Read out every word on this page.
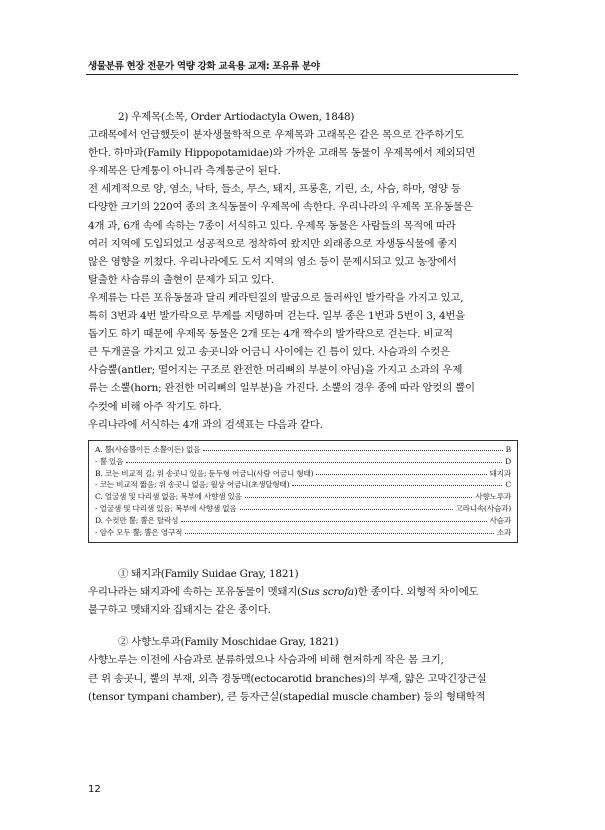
생물분류 현장 전문가 역량 강화 교육용 교재: 포유류 분야

2) 우제목(소목, Order Artiodactyla Owen, 1848)

고래목에서 언급했듯이 분자생물학적으로 우제목과 고래목은 같은 목으로 간주하기도

한다. 하마과(Family Hippopotamidae)와 가까운 고래목 동물이 우제목에서 제외되면

우제목은 단계통이 아니라 측계통군이 된다.

전 세계적으로 양, 염소, 낙타, 들소, 무스, 돼지, 프롱혼, 기린, 소, 사슴, 하마, 영양 등

다양한 크기의 220여 종의 초식동물이 우제목에 속한다. 우리나라의 우제목 포유동물은

4개 과, 6개 속에 속하는 7종이 서식하고 있다. 우제목 동물은 사람들의 목적에 따라

여러 지역에 도입되었고 성공적으로 정착하여 왔지만 외래종으로 자생동식물에 좋지

않은 영향을 끼쳤다. 우리나라에도 도서 지역의 염소 등이 문제시되고 있고 농장에서

탈출한 사슴류의 출현이 문제가 되고 있다.

우제류는 다른 포유동물과 달리 케라틴질의 발굽으로 둘러싸인 발가락을 가지고 있고,

특히 3번과 4번 발가락으로 무게를 지탱하며 걷는다. 일부 종은 1번과 5번이 3, 4번을

돕기도 하기 때문에 우제목 동물은 2개 또는 4개 짝수의 발가락으로 걷는다. 비교적

큰 두개골을 가지고 있고 송곳니와 어금니 사이에는 긴 틈이 있다. 사슴과의 수컷은

사슴뿔(antler; 떨어지는 구조로 완전한 머리뼈의 부분이 아님)을 가지고 소과의 우제

류는 소뿔(horn; 완전한 머리뼈의 일부분)을 가진다. 소뿔의 경우 종에 따라 암컷의 뿔이

수컷에 비해 아주 작기도 하다.

우리나라에 서식하는 4개 과의 검색표는 다음과 같다.

A. 뿔(사슴뿔이든 소뿔이든) 없음	B
- 뿔 있음	D
B. 코는 비교적 길; 위 송곳니 있음; 둔두형 어금니(사람 어금니 형태)	돼지과
- 코는 비교적 짧음; 위 송곳니 없음; 월상 어금니(초생달형태)	C
C. 얼굴샘 및 다리샘 없음; 복부에 사향샘 있음	사향노루과
- 얼굴샘 및 다리샘 있음; 복부에 사향샘 없음	고라니속(사슴과)
D. 수컷만 뿔; 뿔은 탈락성	사슴과
- 암수 모두 뿔; 뿔은 영구적	소과

① 돼지과(Family Suidae Gray, 1821)

우리나라는 돼지과에 속하는 포유동물이 멧돼지(Sus scrofa)한 종이다. 외형적 차이에도

불구하고 멧돼지와 집돼지는 같은 종이다.

② 사향노루과(Family Moschidae Gray, 1821)

사향노루는 이전에 사슴과로 분류하였으나 사슴과에 비해 현저하게 작은 몸 크기,

큰 위 송곳니, 뿔의 부재, 외측 경동맥(ectocarotid branches)의 부재, 얇은 고막긴장근실

(tensor tympani chamber), 큰 등자근실(stapedial muscle chamber) 등의 형태학적

12
